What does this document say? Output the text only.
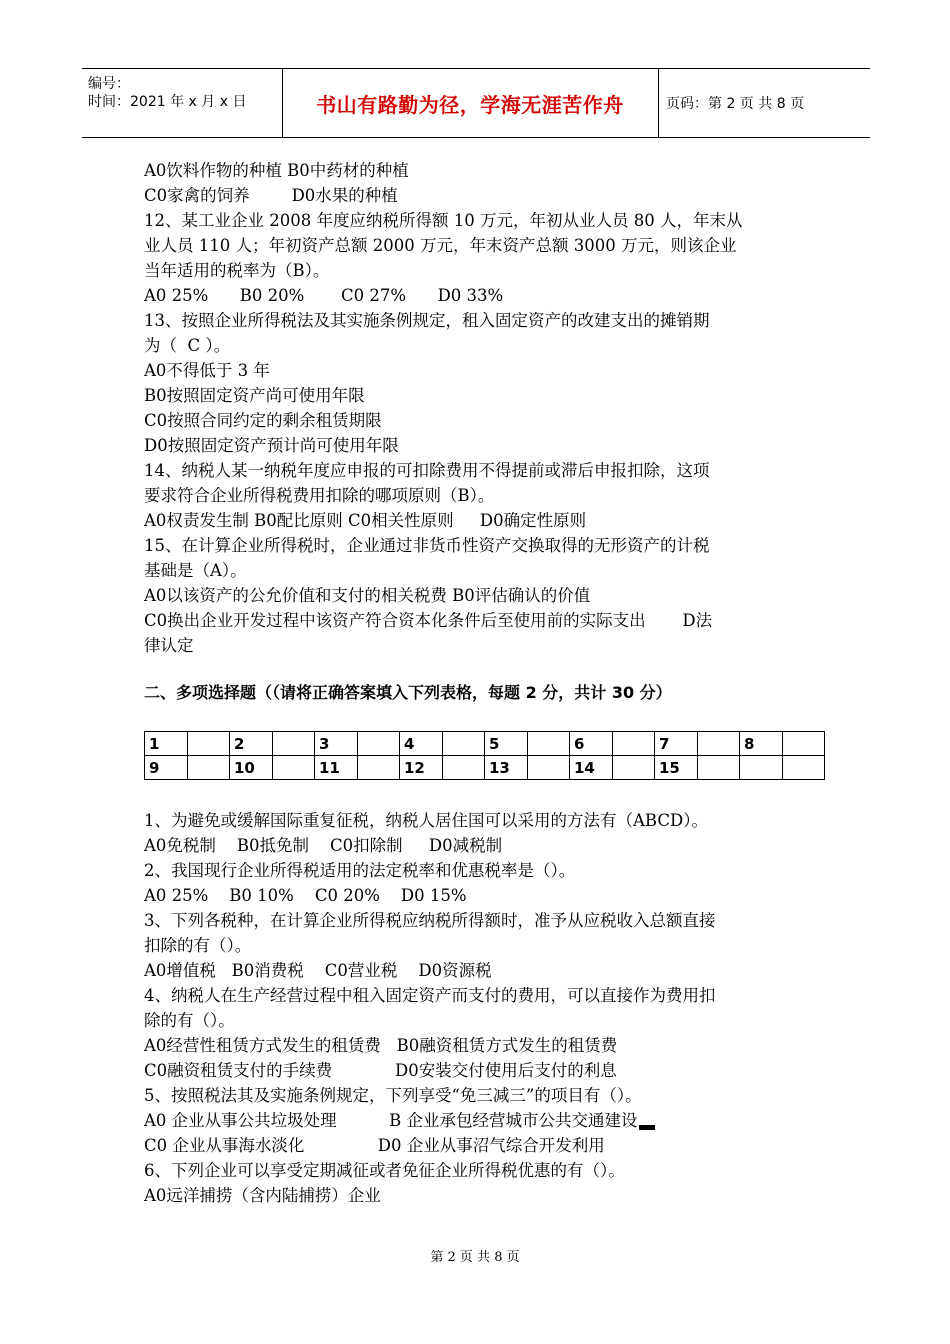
编号：
时间：2021 年 x 月 x 日	书山有路勤为径，学海无涯苦作舟	页码：第 2 页 共 8 页
A0饮料作物的种植 B0中药材的种植
C0家禽的饲养        D0水果的种植
12、某工业企业 2008 年度应纳税所得额 10 万元，年初从业人员 80 人，年末从
业人员 110 人；年初资产总额 2000 万元，年末资产总额 3000 万元，则该企业
当年适用的税率为（B）。
A0 25%      B0 20%       C0 27%      D0 33%
13、按照企业所得税法及其实施条例规定，租入固定资产的改建支出的摊销期
为（  C ）。
A0不得低于 3 年
B0按照固定资产尚可使用年限
C0按照合同约定的剩余租赁期限
D0按照固定资产预计尚可使用年限
14、纳税人某一纳税年度应申报的可扣除费用不得提前或滞后申报扣除，这项
要求符合企业所得税费用扣除的哪项原则（B）。
A0权责发生制 B0配比原则 C0相关性原则     D0确定性原则
15、在计算企业所得税时，企业通过非货币性资产交换取得的无形资产的计税
基础是（A）。
A0以该资产的公允价值和支付的相关税费 B0评估确认的价值
C0换出企业开发过程中该资产符合资本化条件后至使用前的实际支出       D法
律认定
二、多项选择题（（请将正确答案填入下列表格，每题 2 分，共计 30 分）
1		2		3		4		5		6		7		8	
9		10		11		12		13		14		15			
1、为避免或缓解国际重复征税，纳税人居住国可以采用的方法有（ABCD）。
A0免税制    B0抵免制    C0扣除制     D0减税制
2、我国现行企业所得税适用的法定税率和优惠税率是（）。
A0 25%    B0 10%    C0 20%    D0 15%
3、下列各税种，在计算企业所得税应纳税所得额时，准予从应税收入总额直接
扣除的有（）。
A0增值税   B0消费税    C0营业税    D0资源税
4、纳税人在生产经营过程中租入固定资产而支付的费用，可以直接作为费用扣
除的有（）。
A0经营性租赁方式发生的租赁费   B0融资租赁方式发生的租赁费
C0融资租赁支付的手续费            D0安装交付使用后支付的利息
5、按照税法其及实施条例规定，下列享受“免三减三”的项目有（）。
A0 企业从事公共垃圾处理          B 企业承包经营城市公共交通建设
C0 企业从事海水淡化              D0 企业从事沼气综合开发利用
6、下列企业可以享受定期减征或者免征企业所得税优惠的有（）。
A0远洋捕捞（含内陆捕捞）企业
第 2 页 共 8 页
